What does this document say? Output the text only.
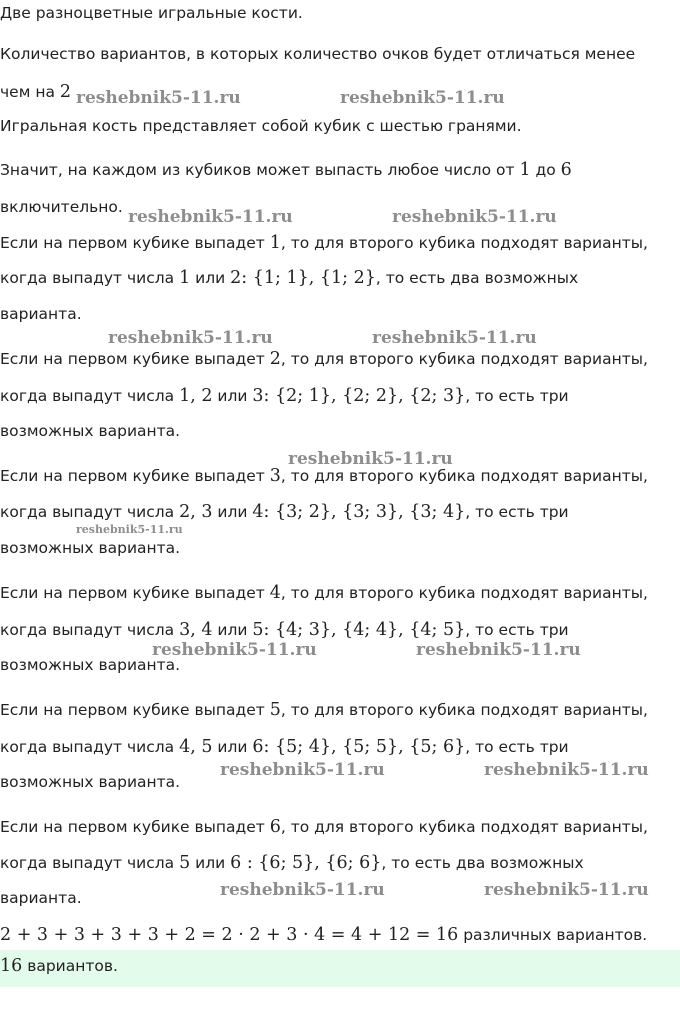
Две разноцветные игральные кости.
Количество вариантов, в которых количество очков будет отличаться менее
чем на 2
Игральная кость представляет собой кубик с шестью гранями.
Значит, на каждом из кубиков может выпасть любое число от 1 до 6
включительно.
Если на первом кубике выпадет 1, то для второго кубика подходят варианты,
когда выпадут числа 1 или 2: {1; 1}, {1; 2}, то есть два возможных
варианта.
Если на первом кубике выпадет 2, то для второго кубика подходят варианты,
когда выпадут числа 1, 2 или 3: {2; 1}, {2; 2}, {2; 3}, то есть три
возможных варианта.
Если на первом кубике выпадет 3, то для второго кубика подходят варианты,
когда выпадут числа 2, 3 или 4: {3; 2}, {3; 3}, {3; 4}, то есть три
возможных варианта.
Если на первом кубике выпадет 4, то для второго кубика подходят варианты,
когда выпадут числа 3, 4 или 5: {4; 3}, {4; 4}, {4; 5}, то есть три
возможных варианта.
Если на первом кубике выпадет 5, то для второго кубика подходят варианты,
когда выпадут числа 4, 5 или 6: {5; 4}, {5; 5}, {5; 6}, то есть три
возможных варианта.
Если на первом кубике выпадет 6, то для второго кубика подходят варианты,
когда выпадут числа 5 или 6 : {6; 5}, {6; 6}, то есть два возможных
варианта.
2 + 3 + 3 + 3 + 3 + 2 = 2 · 2 + 3 · 4 = 4 + 12 = 16 различных вариантов.
16 вариантов.
reshebnik5-11.ru	reshebnik5-11.ru
reshebnik5-11.ru	reshebnik5-11.ru
reshebnik5-11.ru	reshebnik5-11.ru
reshebnik5-11.ru
reshebnik5-11.ru
reshebnik5-11.ru	reshebnik5-11.ru
reshebnik5-11.ru	reshebnik5-11.ru
reshebnik5-11.ru	reshebnik5-11.ru
